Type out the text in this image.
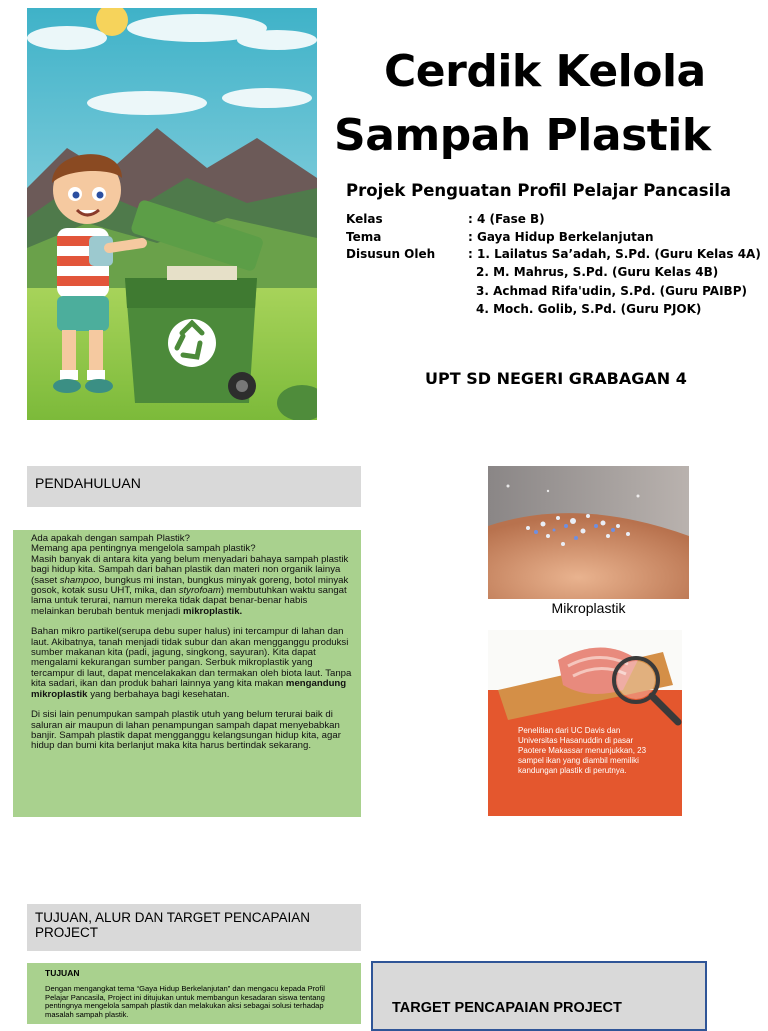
Cerdik Kelola
Sampah Plastik
Projek Penguatan Profil Pelajar Pancasila
Kelas	: 4 (Fase B)
Tema	: Gaya Hidup Berkelanjutan
Disusun Oleh	: 1. Lailatus Sa’adah, S.Pd. (Guru Kelas 4A)
2. M. Mahrus, S.Pd. (Guru Kelas 4B)
3. Achmad Rifa'udin, S.Pd. (Guru PAIBP)
4. Moch. Golib, S.Pd. (Guru PJOK)
UPT SD NEGERI GRABAGAN 4
PENDAHULUAN

Ada apakah dengan sampah Plastik?
Memang apa pentingnya mengelola sampah plastik?
Masih banyak di antara kita yang belum menyadari bahaya sampah plastik bagi hidup kita. Sampah dari bahan plastik dan materi non organik lainya (saset shampoo, bungkus mi instan, bungkus minyak goreng, botol minyak gosok, kotak susu UHT, mika, dan styrofoam) membutuhkan waktu sangat lama untuk terurai, namun mereka tidak dapat benar-benar habis melainkan berubah bentuk menjadi mikroplastik.

Bahan mikro partikel(serupa debu super halus) ini tercampur di lahan dan laut. Akibatnya, tanah menjadi tidak subur dan akan mengganggu produksi sumber makanan kita (padi, jagung, singkong, sayuran). Kita dapat mengalami kekurangan sumber pangan. Serbuk mikroplastik yang tercampur di laut, dapat mencelakakan dan termakan oleh biota laut. Tanpa kita sadari, ikan dan produk bahari lainnya yang kita makan mengandung mikroplastik yang berbahaya bagi kesehatan.

Di sisi lain penumpukan sampah plastik utuh yang belum terurai baik di saluran air maupun di lahan penampungan sampah dapat menyebabkan banjir. Sampah plastik dapat mengganggu kelangsungan hidup kita, agar hidup dan bumi kita berlanjut maka kita harus bertindak sekarang.

Mikroplastik
Penelitian dari UC Davis dan Universitas Hasanuddin di pasar Paotere Makassar menunjukkan, 23 sampel ikan yang diambil memiliki kandungan plastik di perutnya.
TUJUAN, ALUR DAN TARGET PENCAPAIAN PROJECT
TUJUAN
Dengan mengangkat tema “Gaya Hidup Berkelanjutan” dan mengacu kepada Profil Pelajar Pancasila, Project ini ditujukan untuk membangun kesadaran siswa tentang pentingnya mengelola sampah plastik dan melakukan aksi sebagai solusi terhadap masalah sampah plastik.	TARGET PENCAPAIAN PROJECT
